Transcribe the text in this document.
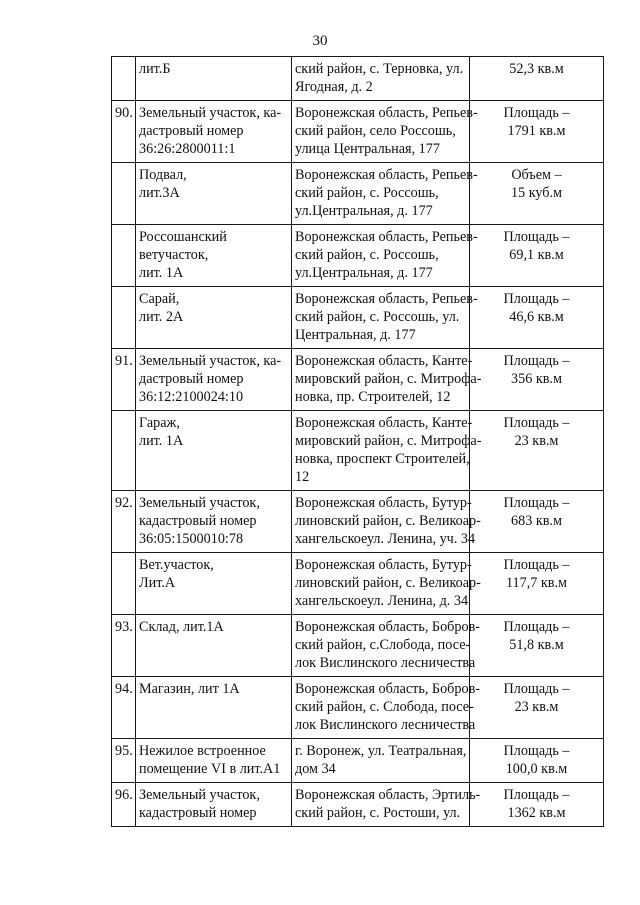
30

	лит.Б	ский район, с. Терновка, ул.
Ягодная, д. 2	52,3 кв.м

90.	Земельный участок, ка-
дастровый номер
36:26:2800011:1	Воронежская область, Репьев-
ский район, село Россошь,
улица Центральная, 177	Площадь –
1791 кв.м

	Подвал,
лит.3А	Воронежская область, Репьев-
ский район, с. Россошь,
ул.Центральная, д. 177	Объем –
15 куб.м

	Россошанский
ветучасток,
лит. 1А	Воронежская область, Репьев-
ский район, с. Россошь,
ул.Центральная, д. 177	Площадь –
69,1 кв.м

	Сарай,
лит. 2А	Воронежская область, Репьев-
ский район, с. Россошь, ул.
Центральная, д. 177	Площадь –
46,6 кв.м

91.	Земельный участок, ка-
дастровый номер
36:12:2100024:10	Воронежская область, Канте-
мировский район, с. Митрофа-
новка, пр. Строителей, 12	Площадь –
356 кв.м

	Гараж,
лит. 1А	Воронежская область, Канте-
мировский район, с. Митрофа-
новка, проспект Строителей,
12	Площадь –
23 кв.м

92.	Земельный участок,
кадастровый номер
36:05:1500010:78	Воронежская область, Бутур-
линовский район, с. Великоар-
хангельскоеул. Ленина, уч. 34	Площадь –
683 кв.м

	Вет.участок,
Лит.А	Воронежская область, Бутур-
линовский район, с. Великоар-
хангельскоеул. Ленина, д. 34	Площадь –
117,7 кв.м

93.	Склад, лит.1А	Воронежская область, Бобров-
ский район, с.Слобода, посе-
лок Вислинского лесничества	Площадь –
51,8 кв.м

94.	Магазин, лит 1А	Воронежская область, Бобров-
ский район, с. Слобода, посе-
лок Вислинского лесничества	Площадь –
23 кв.м

95.	Нежилое встроенное
помещение VI в лит.А1	г. Воронеж, ул. Театральная,
дом 34	Площадь –
100,0 кв.м

96.	Земельный участок,
кадастровый номер	Воронежская область, Эртиль-
ский район, с. Ростоши, ул.	Площадь –
1362 кв.м
